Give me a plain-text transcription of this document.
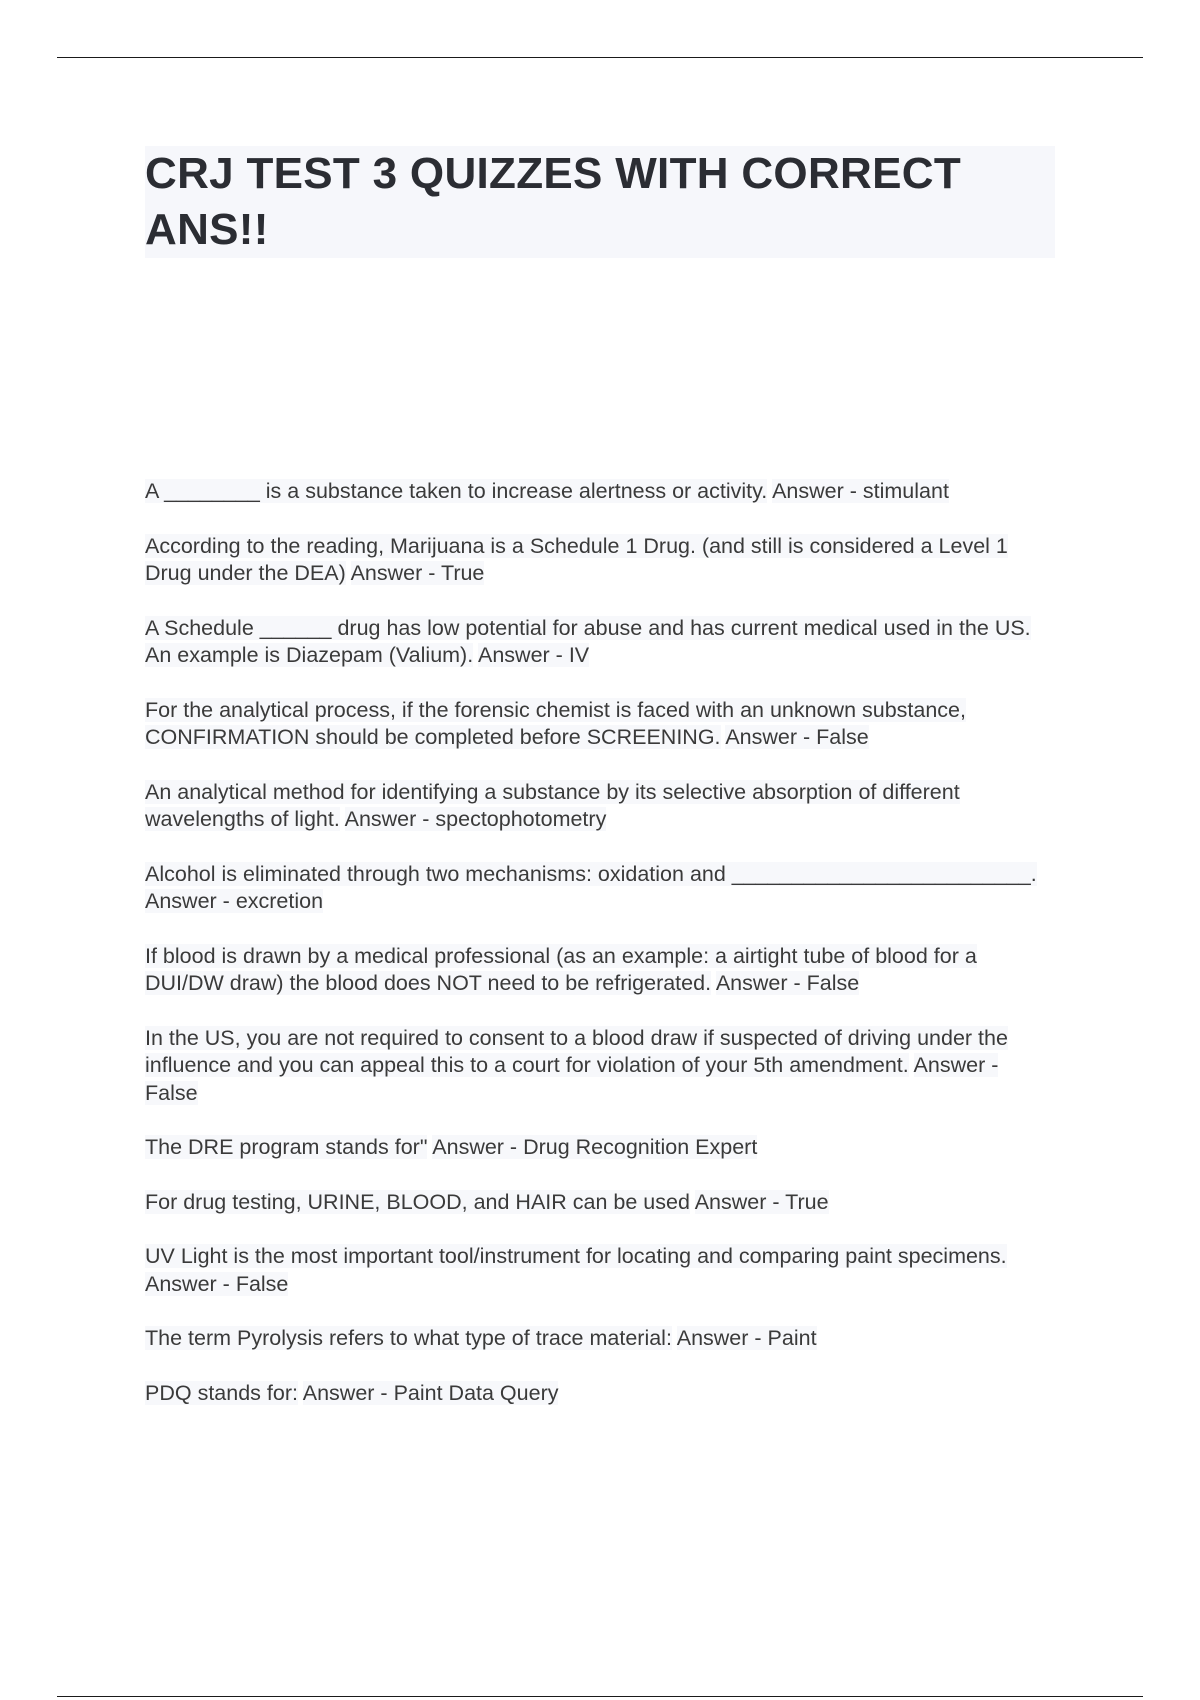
CRJ TEST 3 QUIZZES WITH CORRECT ANS!!

A ________ is a substance taken to increase alertness or activity. Answer - stimulant

According to the reading, Marijuana is a Schedule 1 Drug. (and still is considered a Level 1 Drug under the DEA) Answer - True

A Schedule ______ drug has low potential for abuse and has current medical used in the US. An example is Diazepam (Valium). Answer - IV

For the analytical process, if the forensic chemist is faced with an unknown substance, CONFIRMATION should be completed before SCREENING. Answer - False

An analytical method for identifying a substance by its selective absorption of different wavelengths of light. Answer - spectophotometry

Alcohol is eliminated through two mechanisms: oxidation and _________________________. Answer - excretion

If blood is drawn by a medical professional (as an example: a airtight tube of blood for a DUI/DW draw) the blood does NOT need to be refrigerated. Answer - False

In the US, you are not required to consent to a blood draw if suspected of driving under the influence and you can appeal this to a court for violation of your 5th amendment. Answer - False

The DRE program stands for" Answer - Drug Recognition Expert

For drug testing, URINE, BLOOD, and HAIR can be used Answer - True

UV Light is the most important tool/instrument for locating and comparing paint specimens. Answer - False

The term Pyrolysis refers to what type of trace material: Answer - Paint

PDQ stands for: Answer - Paint Data Query
